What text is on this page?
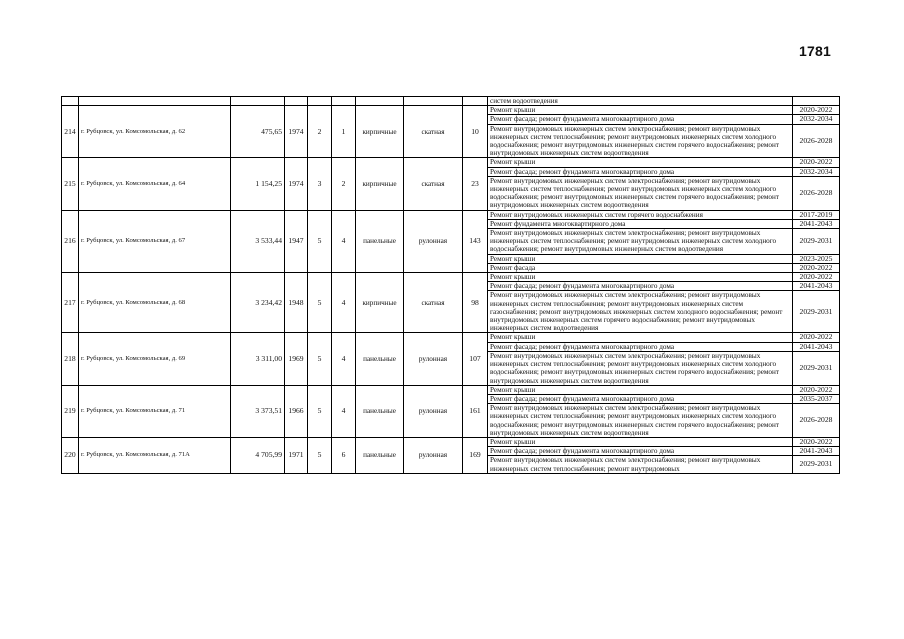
1781
									систем водоотведения	
214	г. Рубцовск, ул. Комсомольская, д. 62	475,65	1974	2	1	кирпичные	скатная	10	Ремонт крыши	2020-2022
									Ремонт фасада; ремонт фундамента многоквартирного дома	2032-2034
									Ремонт внутридомовых инженерных систем электроснабжения; ремонт внутридомовых инженерных систем теплоснабжения; ремонт внутридомовых инженерных систем холодного водоснабжения; ремонт внутридомовых инженерных систем горячего водоснабжения; ремонт внутридомовых инженерных систем водоотведения	2026-2028
215	г. Рубцовск, ул. Комсомольская, д. 64	1 154,25	1974	3	2	кирпичные	скатная	23	Ремонт крыши	2020-2022
									Ремонт фасада; ремонт фундамента многоквартирного дома	2032-2034
									Ремонт внутридомовых инженерных систем электроснабжения; ремонт внутридомовых инженерных систем теплоснабжения; ремонт внутридомовых инженерных систем холодного водоснабжения; ремонт внутридомовых инженерных систем горячего водоснабжения; ремонт внутридомовых инженерных систем водоотведения	2026-2028
216	г. Рубцовск, ул. Комсомольская, д. 67	3 533,44	1947	5	4	панельные	рулонная	143	Ремонт внутридомовых инженерных систем горячего водоснабжения	2017-2019
									Ремонт фундамента многоквартирного дома	2041-2043
									Ремонт внутридомовых инженерных систем электроснабжения; ремонт внутридомовых инженерных систем теплоснабжения; ремонт внутридомовых инженерных систем холодного водоснабжения; ремонт внутридомовых инженерных систем водоотведения	2029-2031
									Ремонт крыши	2023-2025
									Ремонт фасада	2020-2022
217	г. Рубцовск, ул. Комсомольская, д. 68	3 234,42	1948	5	4	кирпичные	скатная	98	Ремонт крыши	2020-2022
									Ремонт фасада; ремонт фундамента многоквартирного дома	2041-2043
									Ремонт внутридомовых инженерных систем электроснабжения; ремонт внутридомовых инженерных систем теплоснабжения; ремонт внутридомовых инженерных систем газоснабжения; ремонт внутридомовых инженерных систем холодного водоснабжения; ремонт внутридомовых инженерных систем горячего водоснабжения; ремонт внутридомовых инженерных систем водоотведения	2029-2031
218	г. Рубцовск, ул. Комсомольская, д. 69	3 311,00	1969	5	4	панельные	рулонная	107	Ремонт крыши	2020-2022
									Ремонт фасада; ремонт фундамента многоквартирного дома	2041-2043
									Ремонт внутридомовых инженерных систем электроснабжения; ремонт внутридомовых инженерных систем теплоснабжения; ремонт внутридомовых инженерных систем холодного водоснабжения; ремонт внутридомовых инженерных систем горячего водоснабжения; ремонт внутридомовых инженерных систем водоотведения	2029-2031
219	г. Рубцовск, ул. Комсомольская, д. 71	3 373,51	1966	5	4	панельные	рулонная	161	Ремонт крыши	2020-2022
									Ремонт фасада; ремонт фундамента многоквартирного дома	2035-2037
									Ремонт внутридомовых инженерных систем электроснабжения; ремонт внутридомовых инженерных систем теплоснабжения; ремонт внутридомовых инженерных систем холодного водоснабжения; ремонт внутридомовых инженерных систем горячего водоснабжения; ремонт внутридомовых инженерных систем водоотведения	2026-2028
220	г. Рубцовск, ул. Комсомольская, д. 71А	4 705,99	1971	5	6	панельные	рулонная	169	Ремонт крыши	2020-2022
									Ремонт фасада; ремонт фундамента многоквартирного дома	2041-2043
									Ремонт внутридомовых инженерных систем электроснабжения; ремонт внутридомовых инженерных систем теплоснабжения; ремонт внутридомовых	2029-2031
